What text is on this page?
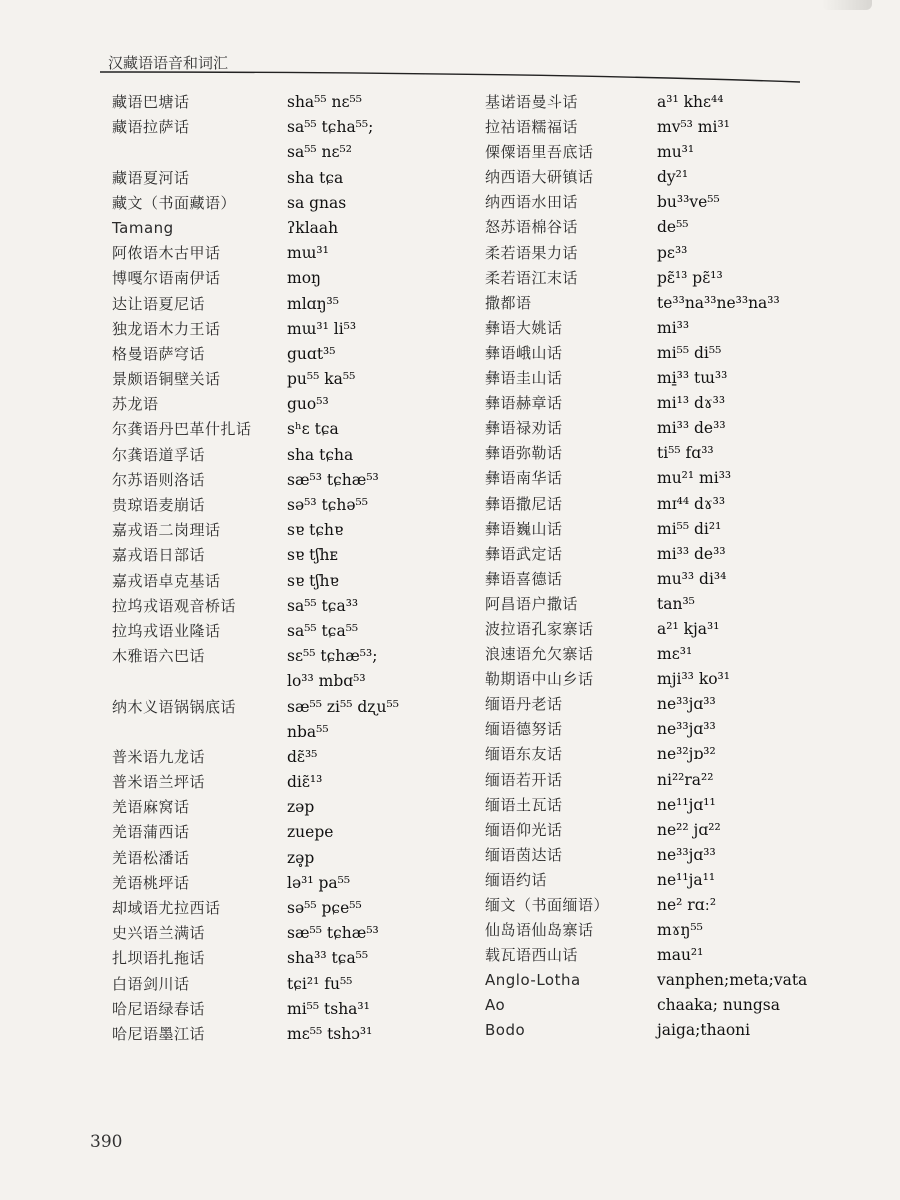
汉藏语语音和词汇
藏语巴塘话	sha⁵⁵ nɛ⁵⁵
藏语拉萨话	sa⁵⁵ tɕha⁵⁵;
sa⁵⁵ nɛ⁵²
藏语夏河话	sha tɕa
藏文（书面藏语）	sa gnas
Tamang	ʔklaah
阿侬语木古甲话	mɯ³¹
博嘎尔语南伊话	moŋ
达让语夏尼话	mlɑŋ³⁵
独龙语木力王话	mɯ³¹ li⁵³
格曼语萨穹话	guɑt³⁵
景颇语铜壁关话	pu⁵⁵ ka⁵⁵
苏龙语	guo⁵³
尔龚语丹巴革什扎话	sʰɛ tɕa
尔龚语道孚话	sha tɕha
尔苏语则洛话	sæ⁵³ tɕhæ⁵³
贵琼语麦崩话	sə⁵³ tɕhə⁵⁵
嘉戎语二岗理话	sɐ tɕhɐ
嘉戎语日部话	sɐ tʃhᴇ
嘉戎语卓克基话	sɐ tʃhɐ
拉坞戎语观音桥话	sa⁵⁵ tɕa³³
拉坞戎语业隆话	sa⁵⁵ tɕa⁵⁵
木雅语六巴话	sɛ⁵⁵ tɕhæ⁵³;
lo³³ mbɑ⁵³
纳木义语锅锅底话	sæ⁵⁵ zi⁵⁵ dʐu⁵⁵
nba⁵⁵
普米语九龙话	dɛ̃³⁵
普米语兰坪话	diɛ̃¹³
羌语麻窝话	zəp
羌语蒲西话	zuepe
羌语松潘话	zə̥p
羌语桃坪话	lə³¹ pa⁵⁵
却域语尤拉西话	sə⁵⁵ pɕe⁵⁵
史兴语兰满话	sæ⁵⁵ tɕhæ⁵³
扎坝语扎拖话	sha³³ tɕa⁵⁵
白语剑川话	tɕi²¹ fu⁵⁵
哈尼语绿春话	mi⁵⁵ tsha³¹
哈尼语墨江话	mɛ⁵⁵ tshɔ³¹
基诺语曼斗话	a³¹ khɛ⁴⁴
拉祜语糯福话	mv⁵³ mi³¹
傈僳语里吾底话	mu³¹
纳西语大研镇话	dy²¹
纳西语水田话	bu³³ve⁵⁵
怒苏语棉谷话	de⁵⁵
柔若语果力话	pɛ³³
柔若语江末话	pɛ̃¹³ pɛ̃¹³
撒都语	te³³na³³ne³³na³³
彝语大姚话	mi³³
彝语峨山话	mi⁵⁵ di⁵⁵
彝语圭山话	mi̱³³ tɯ³³
彝语赫章话	mi¹³ dɤ³³
彝语禄劝话	mi³³ de³³
彝语弥勒话	ti⁵⁵ fɑ³³
彝语南华话	mu²¹ mi³³
彝语撒尼话	mɪ⁴⁴ dɤ³³
彝语巍山话	mi⁵⁵ di²¹
彝语武定话	mi³³ de³³
彝语喜德话	mu³³ di³⁴
阿昌语户撒话	tan³⁵
波拉语孔家寨话	a²¹ kja³¹
浪速语允欠寨话	mɛ³¹
勒期语中山乡话	mji³³ ko³¹
缅语丹老话	ne³³jɑ³³
缅语德努话	ne³³jɑ³³
缅语东友话	ne³²jɒ³²
缅语若开话	ni²²ra²²
缅语土瓦话	ne¹¹jɑ¹¹
缅语仰光话	ne²² jɑ²²
缅语茵达话	ne³³jɑ³³
缅语约话	ne¹¹ja¹¹
缅文（书面缅语）	ne² rɑː²
仙岛语仙岛寨话	mɤŋ⁵⁵
载瓦语西山话	mau²¹
Anglo-Lotha	vanphen;meta;vata
Ao	chaaka; nungsa
Bodo	jaiga;thaoni
390
